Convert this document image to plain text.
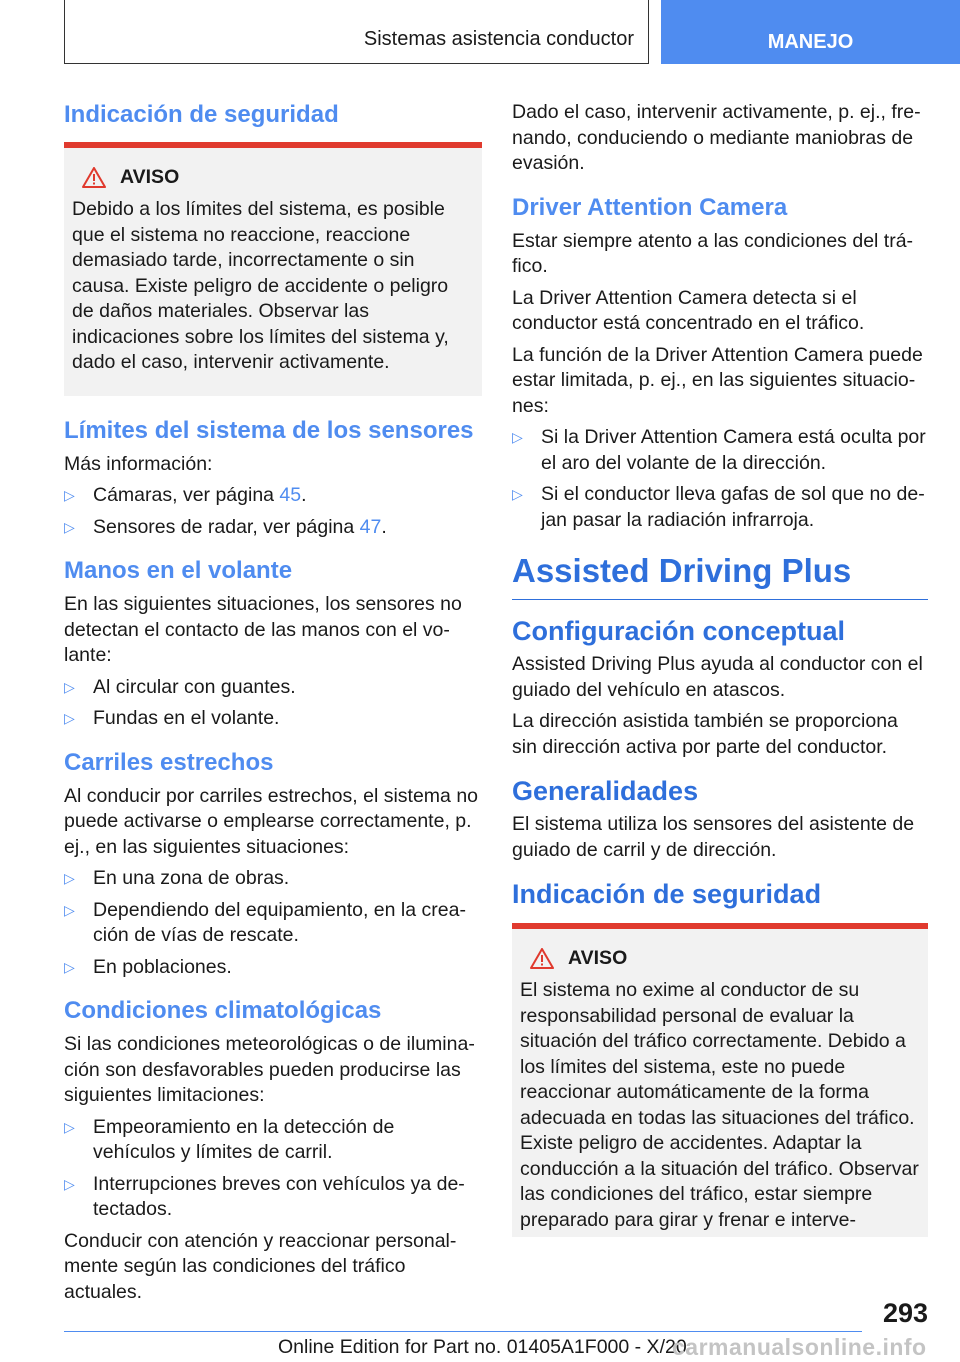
Sistemas asistencia conductor	MANEJO
Indicación de seguridad
AVISO

Debido a los límites del sistema, es posible que el sistema no reaccione, reaccione demasiado tarde, incorrectamente o sin causa. Existe peligro de accidente o peligro de daños materiales. Observar las indicaciones sobre los límites del sistema y, dado el caso, intervenir activamente.

Límites del sistema de los sensores

Más información:

▷ Cámaras, ver página 45.
▷ Sensores de radar, ver página 47.
Manos en el volante

En las siguientes situaciones, los sensores no detectan el contacto de las manos con el volante:

▷ Al circular con guantes.
▷ Fundas en el volante.
Carriles estrechos

Al conducir por carriles estrechos, el sistema no puede activarse o emplearse correctamente, p. ej., en las siguientes situaciones:

▷ En una zona de obras.
▷ Dependiendo del equipamiento, en la creación de vías de rescate.
▷ En poblaciones.
Condiciones climatológicas

Si las condiciones meteorológicas o de iluminación son desfavorables pueden producirse las siguientes limitaciones:

▷ Empeoramiento en la detección de vehículos y límites de carril.
▷ Interrupciones breves con vehículos ya detectados.

Conducir con atención y reaccionar personalmente según las condiciones del tráfico actuales.

Dado el caso, intervenir activamente, p. ej., frenando, conduciendo o mediante maniobras de evasión.

Driver Attention Camera

Estar siempre atento a las condiciones del tráfico.

La Driver Attention Camera detecta si el conductor está concentrado en el tráfico.

La función de la Driver Attention Camera puede estar limitada, p. ej., en las siguientes situaciones:

▷ Si la Driver Attention Camera está oculta por el aro del volante de la dirección.
▷ Si el conductor lleva gafas de sol que no dejan pasar la radiación infrarroja.
Assisted Driving Plus
Configuración conceptual

Assisted Driving Plus ayuda al conductor con el guiado del vehículo en atascos.

La dirección asistida también se proporciona sin dirección activa por parte del conductor.

Generalidades

El sistema utiliza los sensores del asistente de guiado de carril y de dirección.

Indicación de seguridad
AVISO

El sistema no exime al conductor de su responsabilidad personal de evaluar la situación del tráfico correctamente. Debido a los límites del sistema, este no puede reaccionar automáticamente de la forma adecuada en todas las situaciones del tráfico. Existe peligro de accidentes. Adaptar la conducción a la situación del tráfico. Observar las condiciones del tráfico, estar siempre preparado para girar y frenar e interve-

293
Online Edition for Part no. 01405A1F000 - X/20
carmanualsonline.info
